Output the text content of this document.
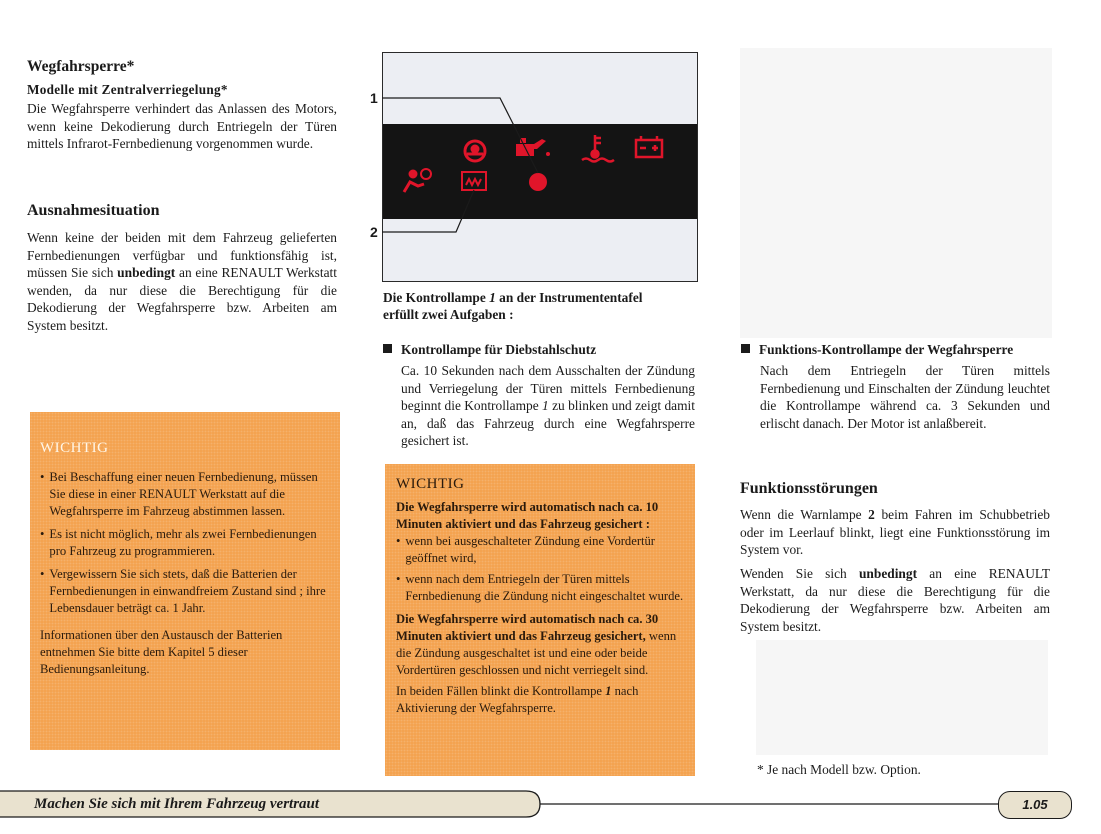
Wegfahrsperre*
Modelle mit Zentralverriegelung*

Die Wegfahrsperre verhindert das Anlassen des Motors, wenn keine Dekodierung durch Entriegeln der Türen mittels Infrarot-Fernbedienung vorgenommen wurde.

Ausnahmesituation

Wenn keine der beiden mit dem Fahrzeug gelieferten Fernbedienungen verfügbar und funktionsfähig ist, müssen Sie sich unbedingt an eine RENAULT Werkstatt wenden, da nur diese die Berechtigung für die Dekodierung der Wegfahrsperre bzw. Arbeiten am System besitzt.

WICHTIG
• Bei Beschaffung einer neuen Fernbedienung, müssen Sie diese in einer RENAULT Werkstatt auf die Wegfahrsperre im Fahrzeug abstimmen lassen.
• Es ist nicht möglich, mehr als zwei Fernbedienungen pro Fahrzeug zu programmieren.
• Vergewissern Sie sich stets, daß die Batterien der Fernbedienungen in einwandfreiem Zustand sind ; ihre Lebensdauer beträgt ca. 1 Jahr.
Informationen über den Austausch der Batterien entnehmen Sie bitte dem Kapitel 5 dieser Bedienungsanleitung.
1
2
Die Kontrollampe 1 an der Instrumententafel
erfüllt zwei Aufgaben :
Kontrollampe für Diebstahlschutz

Ca. 10 Sekunden nach dem Ausschalten der Zündung und Verriegelung der Türen mittels Fernbedienung beginnt die Kontrollampe 1 zu blinken und zeigt damit an, daß das Fahrzeug durch eine Wegfahrsperre gesichert ist.

WICHTIG
Die Wegfahrsperre wird automatisch nach ca. 10 Minuten aktiviert und das Fahrzeug gesichert :
• wenn bei ausgeschalteter Zündung eine Vordertür geöffnet wird,
• wenn nach dem Entriegeln der Türen mittels Fernbedienung die Zündung nicht eingeschaltet wurde.
Die Wegfahrsperre wird automatisch nach ca. 30 Minuten aktiviert und das Fahrzeug gesichert, wenn die Zündung ausgeschaltet ist und eine oder beide Vordertüren geschlossen und nicht verriegelt sind.
In beiden Fällen blinkt die Kontrollampe 1 nach Aktivierung der Wegfahrsperre.
Funktions-Kontrollampe der Wegfahrsperre

Nach dem Entriegeln der Türen mittels Fernbedienung und Einschalten der Zündung leuchtet die Kontrollampe während ca. 3 Sekunden und erlischt danach. Der Motor ist anlaßbereit.

Funktionsstörungen

Wenn die Warnlampe 2 beim Fahren im Schubbetrieb oder im Leerlauf blinkt, liegt eine Funktionsstörung im System vor.

Wenden Sie sich unbedingt an eine RENAULT Werkstatt, da nur diese die Berechtigung für die Dekodierung der Wegfahrsperre bzw. Arbeiten am System besitzt.

* Je nach Modell bzw. Option.
Machen Sie sich mit Ihrem Fahrzeug vertraut	1.05
